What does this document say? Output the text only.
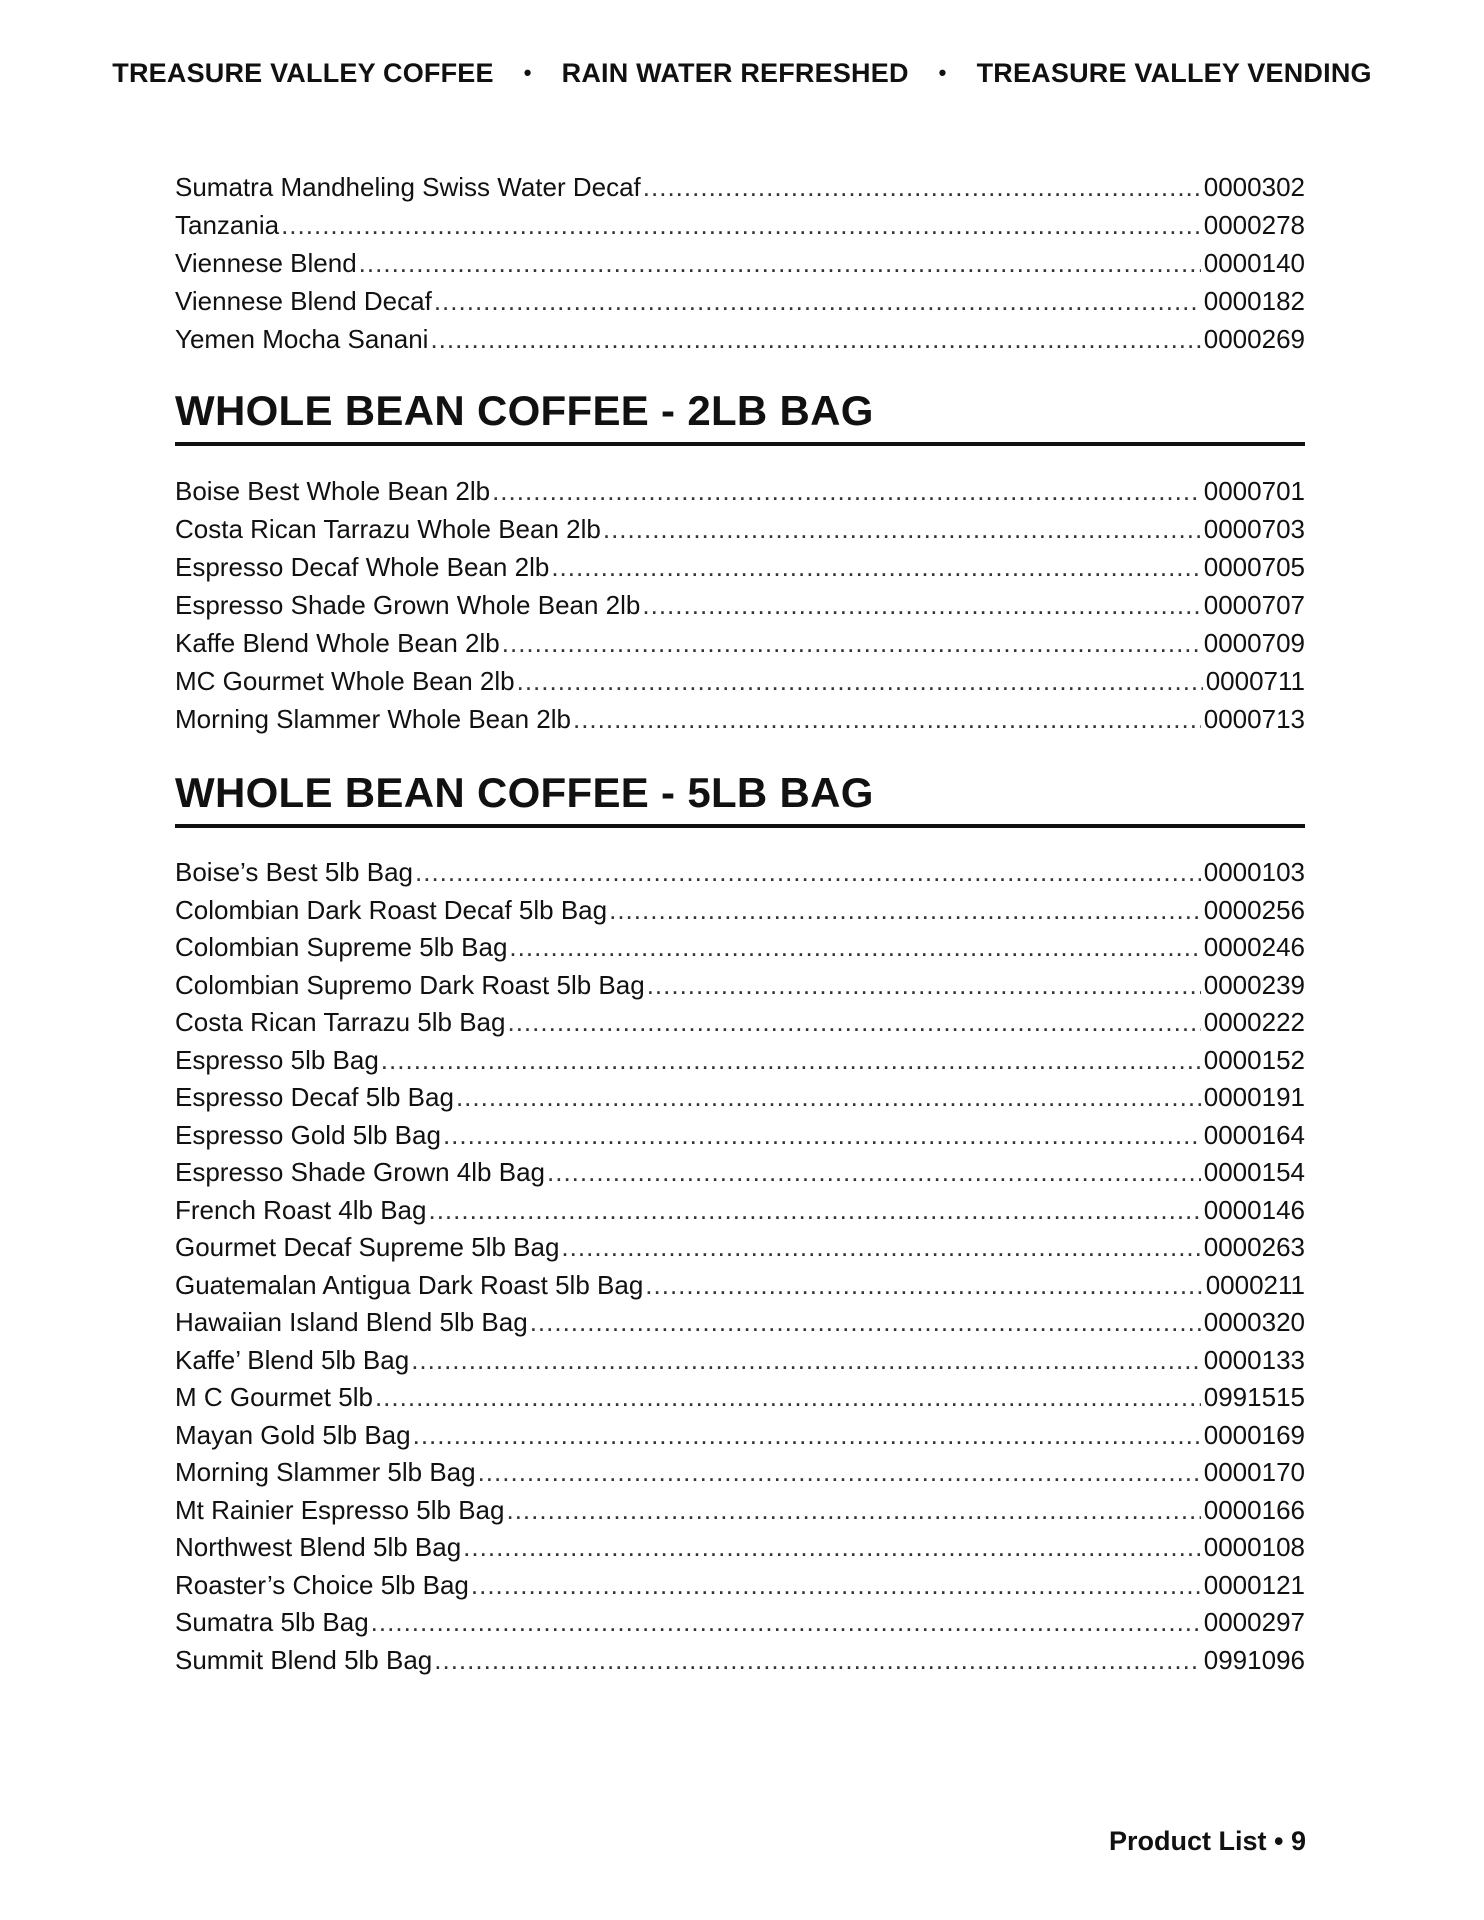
TREASURE VALLEY COFFEE • RAIN WATER REFRESHED • TREASURE VALLEY VENDING
Sumatra Mandheling Swiss Water Decaf .....	0000302
Tanzania .....	0000278
Viennese Blend .....	0000140
Viennese Blend Decaf .....	0000182
Yemen Mocha Sanani .....	0000269
WHOLE BEAN COFFEE - 2LB BAG
Boise Best Whole Bean 2lb .....	0000701
Costa Rican Tarrazu Whole Bean 2lb .....	0000703
Espresso Decaf Whole Bean 2lb .....	0000705
Espresso Shade Grown Whole Bean 2lb .....	0000707
Kaffe Blend Whole Bean 2lb .....	0000709
MC Gourmet Whole Bean 2lb .....	0000711
Morning Slammer Whole Bean 2lb .....	0000713
WHOLE BEAN COFFEE - 5LB BAG
Boise’s Best 5lb Bag .....	0000103
Colombian Dark Roast Decaf 5lb Bag .....	0000256
Colombian Supreme 5lb Bag .....	0000246
Colombian Supremo Dark Roast 5lb Bag .....	0000239
Costa Rican Tarrazu 5lb Bag .....	0000222
Espresso 5lb Bag .....	0000152
Espresso Decaf 5lb Bag .....	0000191
Espresso Gold 5lb Bag .....	0000164
Espresso Shade Grown 4lb Bag .....	0000154
French Roast 4lb Bag .....	0000146
Gourmet Decaf Supreme 5lb Bag .....	0000263
Guatemalan Antigua Dark Roast 5lb Bag .....	0000211
Hawaiian Island Blend 5lb Bag .....	0000320
Kaffe’ Blend 5lb Bag .....	0000133
M C Gourmet 5lb .....	0991515
Mayan Gold 5lb Bag .....	0000169
Morning Slammer 5lb Bag .....	0000170
Mt Rainier Espresso 5lb Bag .....	0000166
Northwest Blend 5lb Bag .....	0000108
Roaster’s Choice 5lb Bag .....	0000121
Sumatra 5lb Bag .....	0000297
Summit Blend 5lb Bag .....	0991096
Product List • 9
